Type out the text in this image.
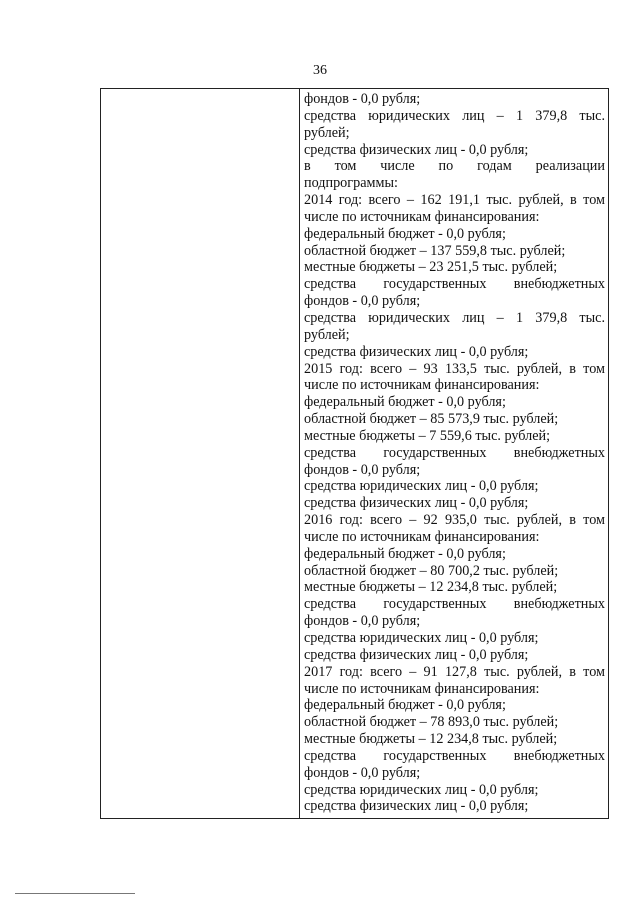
36
фондов - 0,0 рубля;
средства юридических лиц – 1 379,8 тыс.
рублей;
средства физических лиц - 0,0 рубля;
в том числе по годам реализации
подпрограммы:
2014 год: всего – 162 191,1 тыс. рублей, в том
числе по источникам финансирования:
федеральный бюджет - 0,0 рубля;
областной бюджет – 137 559,8 тыс. рублей;
местные бюджеты – 23 251,5 тыс. рублей;
средства государственных внебюджетных
фондов - 0,0 рубля;
средства юридических лиц – 1 379,8 тыс.
рублей;
средства физических лиц - 0,0 рубля;
2015 год: всего – 93 133,5 тыс. рублей, в том
числе по источникам финансирования:
федеральный бюджет - 0,0 рубля;
областной бюджет – 85 573,9 тыс. рублей;
местные бюджеты – 7 559,6 тыс. рублей;
средства государственных внебюджетных
фондов - 0,0 рубля;
средства юридических лиц - 0,0 рубля;
средства физических лиц - 0,0 рубля;
2016 год: всего – 92 935,0 тыс. рублей, в том
числе по источникам финансирования:
федеральный бюджет - 0,0 рубля;
областной бюджет – 80 700,2 тыс. рублей;
местные бюджеты – 12 234,8 тыс. рублей;
средства государственных внебюджетных
фондов - 0,0 рубля;
средства юридических лиц - 0,0 рубля;
средства физических лиц - 0,0 рубля;
2017 год: всего – 91 127,8 тыс. рублей, в том
числе по источникам финансирования:
федеральный бюджет - 0,0 рубля;
областной бюджет – 78 893,0 тыс. рублей;
местные бюджеты – 12 234,8 тыс. рублей;
средства государственных внебюджетных
фондов - 0,0 рубля;
средства юридических лиц - 0,0 рубля;
средства физических лиц - 0,0 рубля;
